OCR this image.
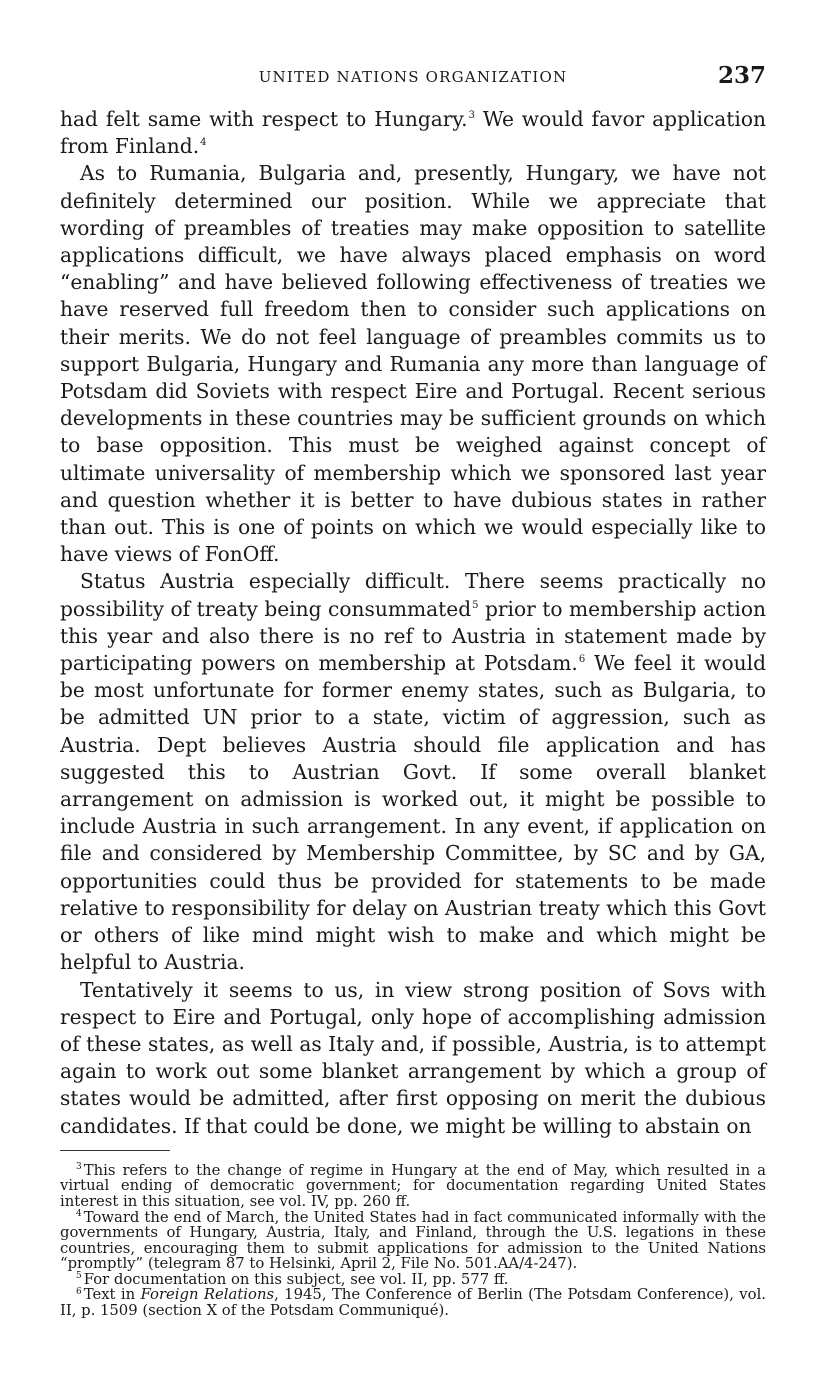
UNITED NATIONS ORGANIZATION	237

had felt same with respect to Hungary.$^3$ We would favor application from Finland.$^4$

As to Rumania, Bulgaria and, presently, Hungary, we have not definitely determined our position. While we appreciate that wording of preambles of treaties may make opposition to satellite applications difficult, we have always placed emphasis on word “enabling” and have believed following effectiveness of treaties we have reserved full freedom then to consider such applications on their merits. We do not feel language of preambles commits us to support Bulgaria, Hungary and Rumania any more than language of Potsdam did Soviets with respect Eire and Portugal. Recent serious developments in these countries may be sufficient grounds on which to base opposition. This must be weighed against concept of ultimate universality of membership which we sponsored last year and question whether it is better to have dubious states in rather than out. This is one of points on which we would especially like to have views of FonOff.

Status Austria especially difficult. There seems practically no possibility of treaty being consummated$^5$ prior to membership action this year and also there is no ref to Austria in statement made by participating powers on membership at Potsdam.$^6$ We feel it would be most unfortunate for former enemy states, such as Bulgaria, to be admitted UN prior to a state, victim of aggression, such as Austria. Dept believes Austria should file application and has suggested this to Austrian Govt. If some overall blanket arrangement on admission is worked out, it might be possible to include Austria in such arrangement. In any event, if application on file and considered by Membership Committee, by SC and by GA, opportunities could thus be provided for statements to be made relative to responsibility for delay on Austrian treaty which this Govt or others of like mind might wish to make and which might be helpful to Austria.

Tentatively it seems to us, in view strong position of Sovs with respect to Eire and Portugal, only hope of accomplishing admission of these states, as well as Italy and, if possible, Austria, is to attempt again to work out some blanket arrangement by which a group of states would be admitted, after first opposing on merit the dubious candidates. If that could be done, we might be willing to abstain on

$^3$ This refers to the change of regime in Hungary at the end of May, which resulted in a virtual ending of democratic government; for documentation regarding United States interest in this situation, see vol. IV, pp. 260 ff.

$^4$ Toward the end of March, the United States had in fact communicated informally with the governments of Hungary, Austria, Italy, and Finland, through the U.S. legations in these countries, encouraging them to submit applications for admission to the United Nations “promptly” (telegram 87 to Helsinki, April 2, File No. 501.AA/4‑247).

$^5$ For documentation on this subject, see vol. II, pp. 577 ff.

$^6$ Text in Foreign Relations, 1945, The Conference of Berlin (The Potsdam Conference), vol. II, p. 1509 (section X of the Potsdam Communiqué).
